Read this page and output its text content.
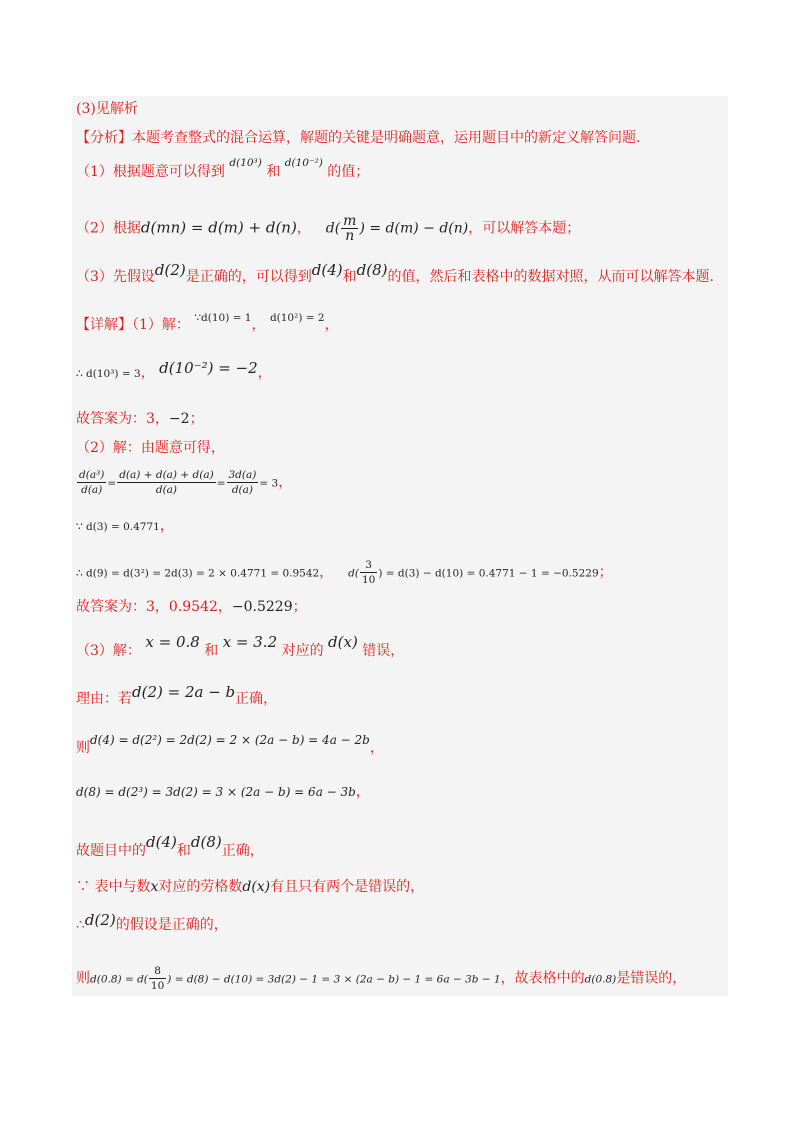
(3)见解析
【分析】本题考查整式的混合运算，解题的关键是明确题意，运用题目中的新定义解答问题.
（1）根据题意可以得到 $^{d(10^3)}$ 和 $^{d(10^{-2})}$ 的值；
（2）根据d(mn) = d(m) + d(n)， $d( \frac{m}{n}$ ) = d(m) − d(n)，可以解答本题；
（3）先假设d(2)是正确的，可以得到d(4)和d(8)的值，然后和表格中的数据对照，从而可以解答本题.
【详解】（1）解： $^{\because d(10) = 1}$， $^{d(10^2) = 2}$，
∴ d(10³) = 3， d(10⁻²) = −2，
故答案为：3，−2；
（2）解：由题意可得，
$\frac{\text{d(a³)}}{d(a)} = \frac{d(a) + d(a) + d(a)}{d(a)} = \frac{3d(a)}{d(a)} = 3$，
∵ d(3) = 0.4771，
∴ d(9) = d(3²) = 2d(3) = 2 × 0.4771 = 0.9542， $d( \frac{3}{10}$ ) = d(3) − d(10) = 0.4771 − 1 = −0.5229；
故答案为：3，0.9542，−0.5229；
（3）解： x = 0.8 和 x = 3.2 对应的 d(x) 错误，
理由：若d(2) = 2a − b正确，
则d(4) = d(2²) = 2d(2) = 2 × (2a − b) = 4a − 2b，
d(8) = d(2³) = 3d(2) = 3 × (2a − b) = 6a − 3b，
故题目中的d(4)和d(8)正确，
∵ 表中与数x对应的劳格数d(x)有且只有两个是错误的，
∴d(2)的假设是正确的，
则$d(0.8) = d( \frac{8}{10}$ ) = d(8) − d(10) = 3d(2) − 1 = 3 × (2a − b) − 1 = 6a − 3b − 1，故表格中的d(0.8)是错误的，
